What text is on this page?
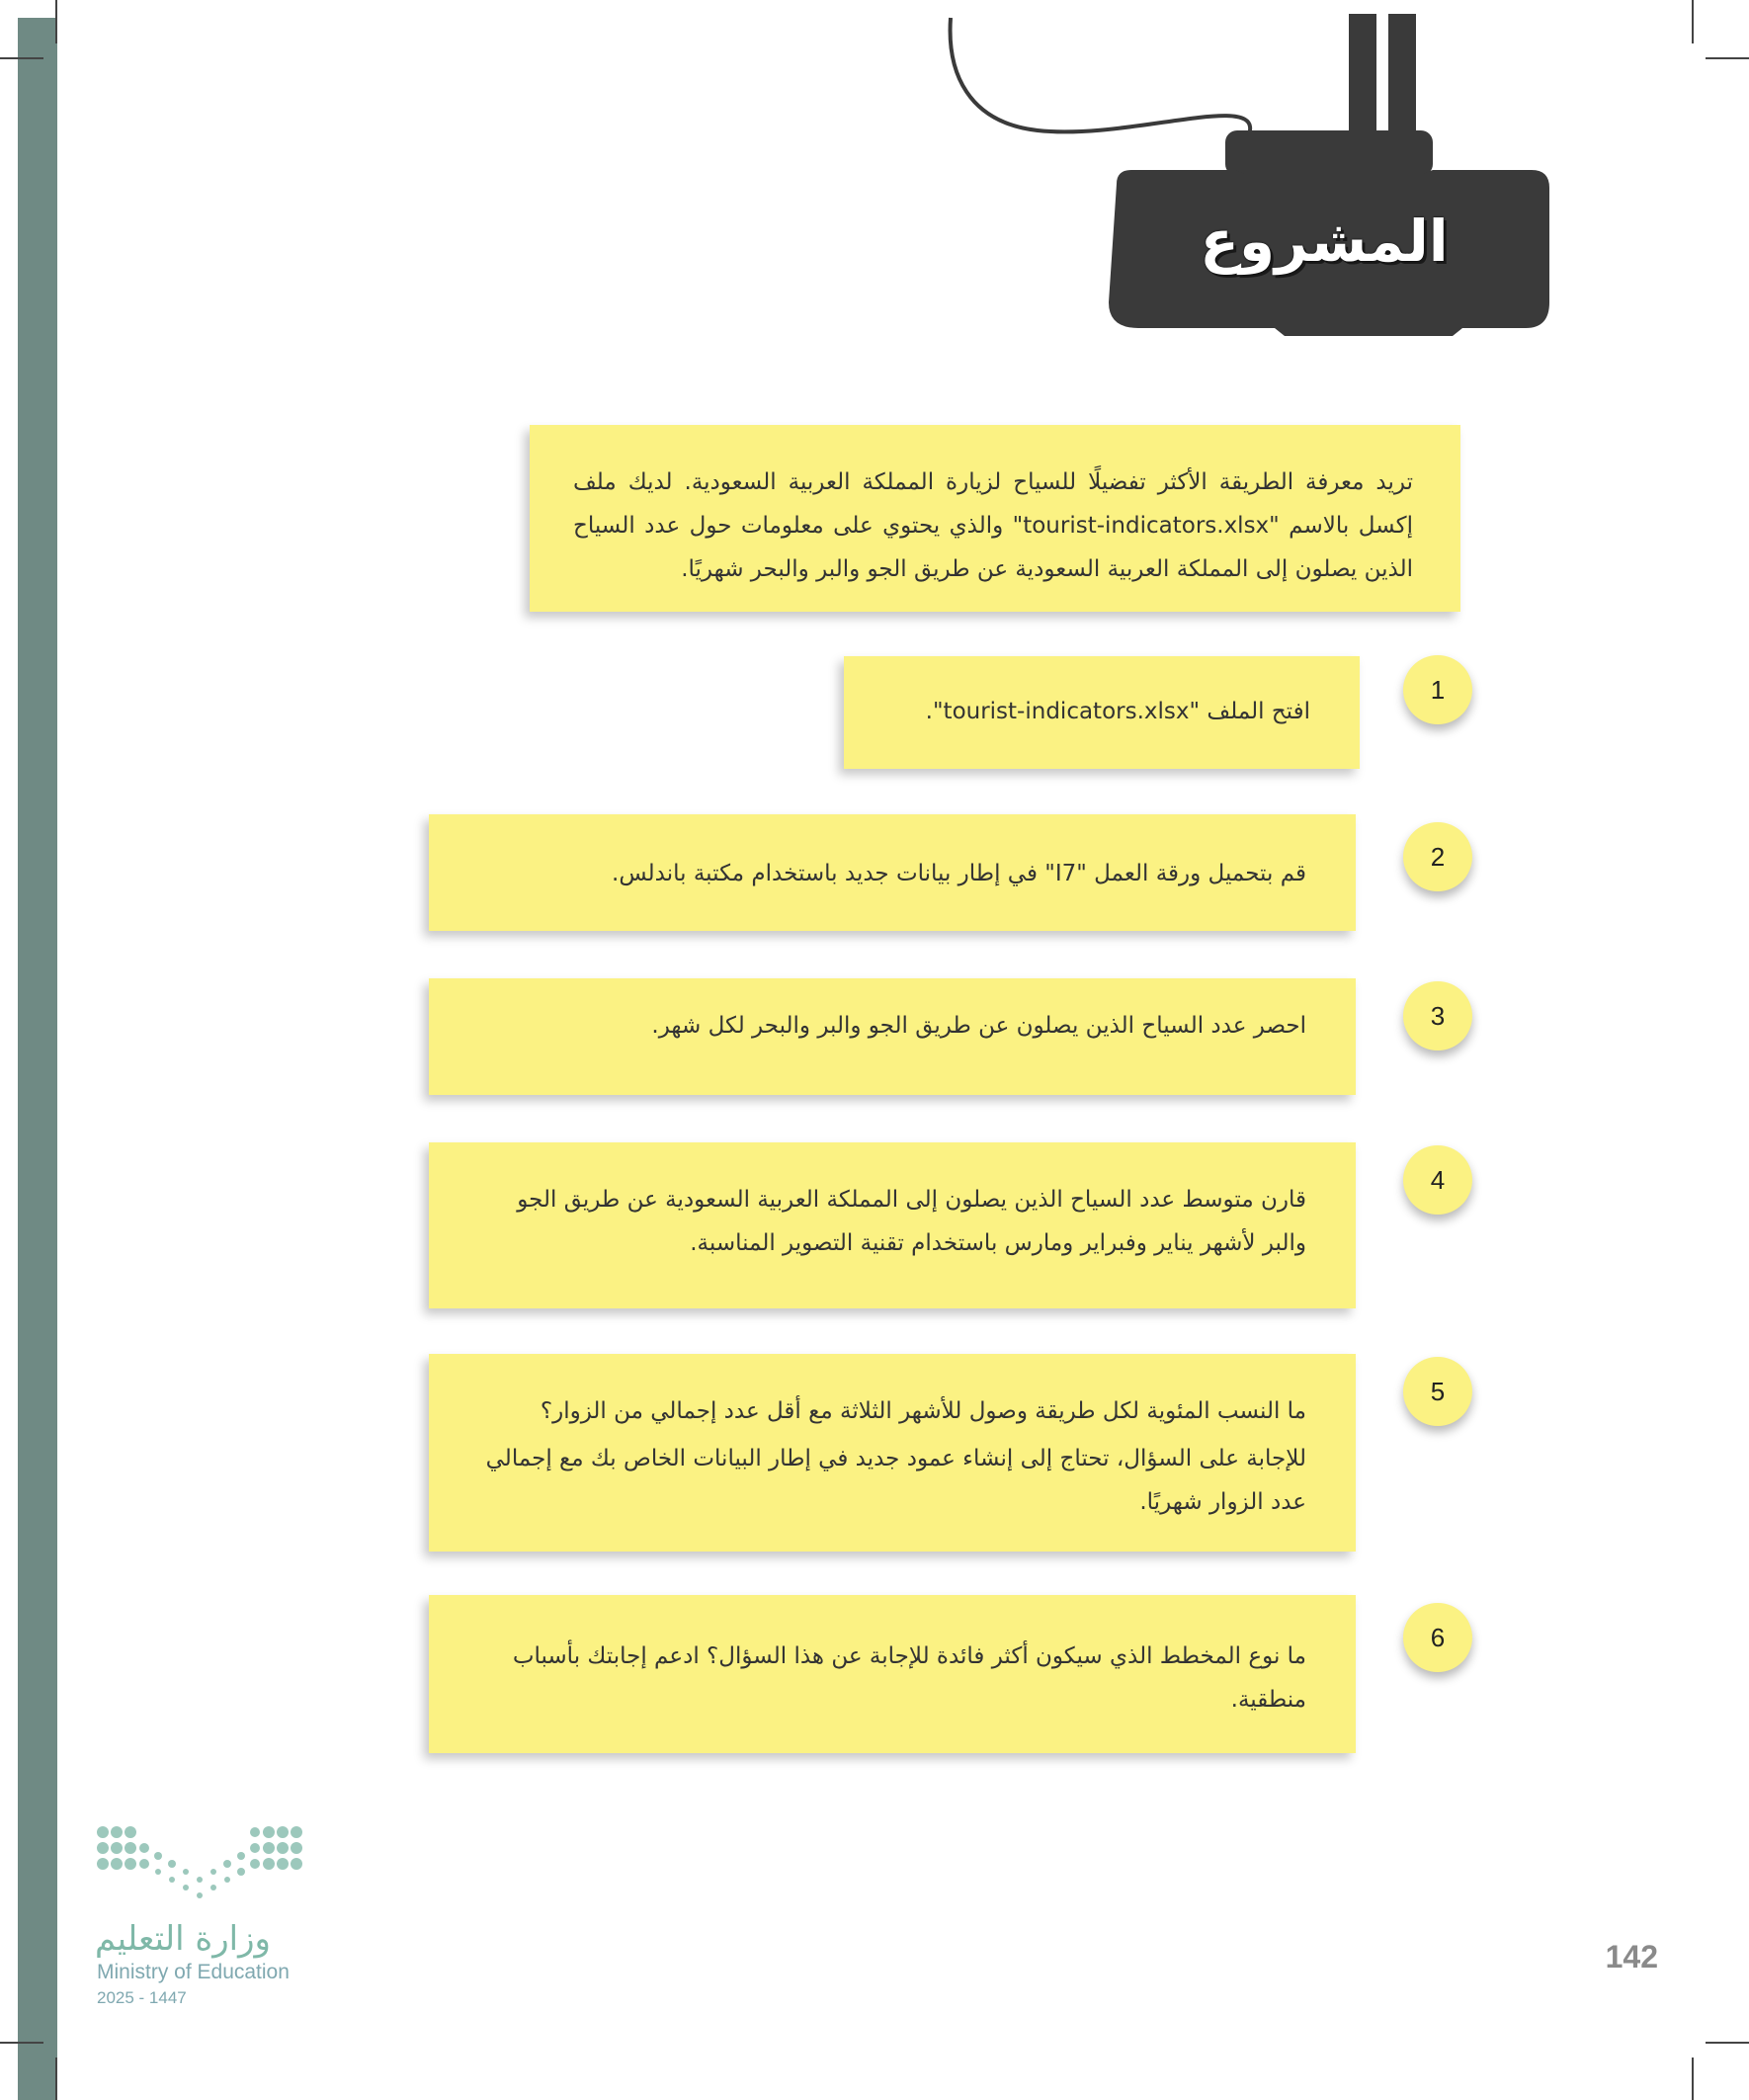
المشروع

تريد معرفة الطريقة الأكثر تفضيلًا للسياح لزيارة المملكة العربية السعودية. لديك ملف إكسل بالاسم "tourist-indicators.xlsx" والذي يحتوي على معلومات حول عدد السياح الذين يصلون إلى المملكة العربية السعودية عن طريق الجو والبر والبحر شهريًا.

افتح الملف "tourist-indicators.xlsx".

1

قم بتحميل ورقة العمل "I7" في إطار بيانات جديد باستخدام مكتبة باندلس.

2

احصر عدد السياح الذين يصلون عن طريق الجو والبر والبحر لكل شهر.	3

قارن متوسط عدد السياح الذين يصلون إلى المملكة العربية السعودية عن طريق الجو والبر لأشهر يناير وفبراير ومارس باستخدام تقنية التصوير المناسبة.

4

ما النسب المئوية لكل طريقة وصول للأشهر الثلاثة مع أقل عدد إجمالي من الزوار؟

للإجابة على السؤال، تحتاج إلى إنشاء عمود جديد في إطار البيانات الخاص بك مع إجمالي عدد الزوار شهريًا.

5

ما نوع المخطط الذي سيكون أكثر فائدة للإجابة عن هذا السؤال؟ ادعم إجابتك بأسباب منطقية.

6
142
وزارة التعليم
Ministry of Education
2025 - 1447
